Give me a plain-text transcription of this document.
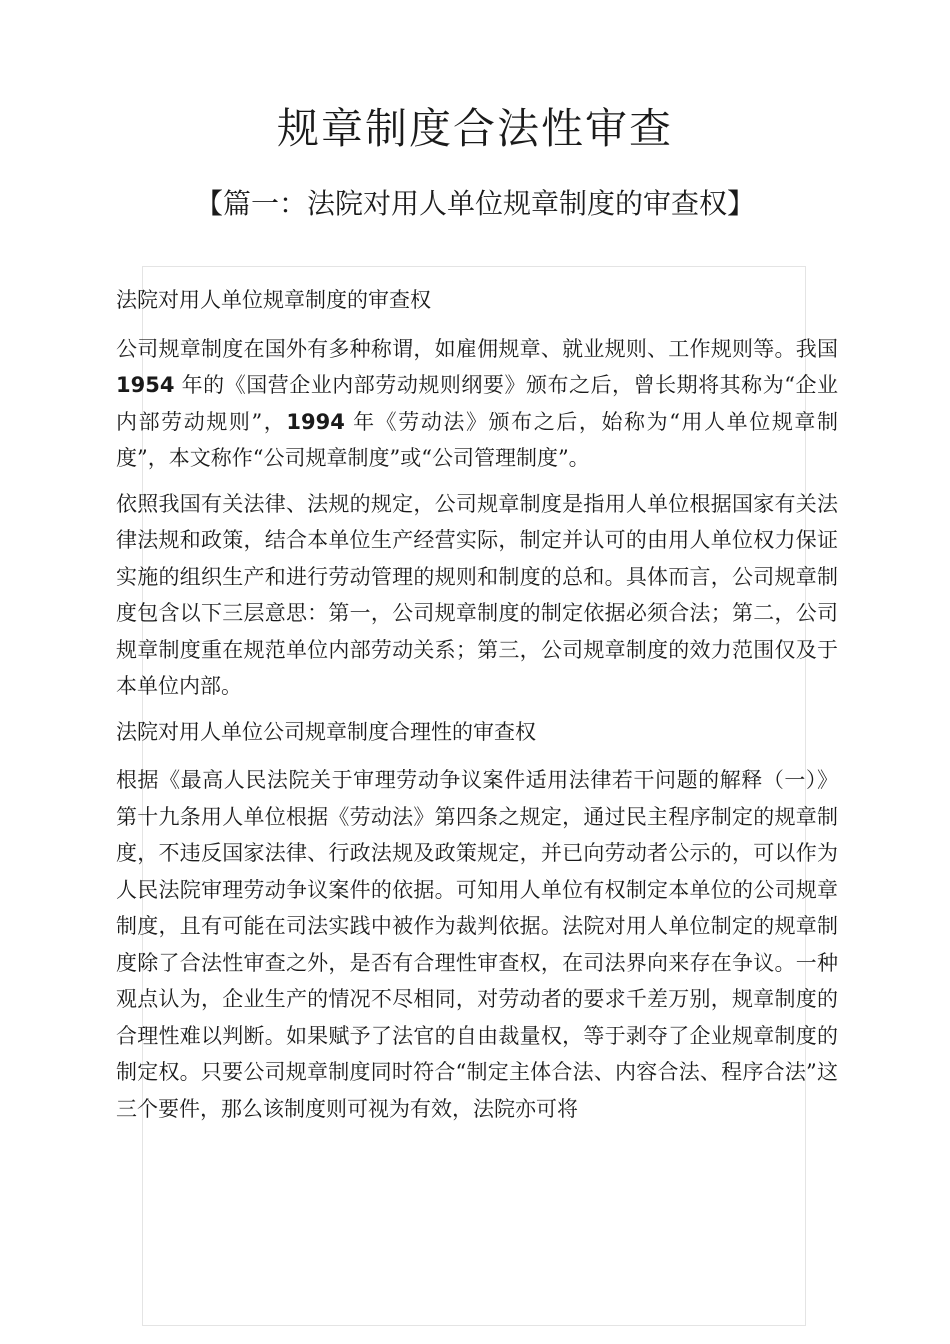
规章制度合法性审查
【篇一：法院对用人单位规章制度的审查权】

法院对用人单位规章制度的审查权

公司规章制度在国外有多种称谓，如雇佣规章、就业规则、工作规则等。我国 1954 年的《国营企业内部劳动规则纲要》颁布之后，曾长期将其称为“企业内部劳动规则”，1994 年《劳动法》颁布之后，始称为“用人单位规章制度”，本文称作“公司规章制度”或“公司管理制度”。

依照我国有关法律、法规的规定，公司规章制度是指用人单位根据国家有关法律法规和政策，结合本单位生产经营实际，制定并认可的由用人单位权力保证实施的组织生产和进行劳动管理的规则和制度的总和。具体而言，公司规章制度包含以下三层意思：第一，公司规章制度的制定依据必须合法；第二，公司规章制度重在规范单位内部劳动关系；第三，公司规章制度的效力范围仅及于本单位内部。

法院对用人单位公司规章制度合理性的审查权

根据《最高人民法院关于审理劳动争议案件适用法律若干问题的解释（一）》第十九条用人单位根据《劳动法》第四条之规定，通过民主程序制定的规章制度，不违反国家法律、行政法规及政策规定，并已向劳动者公示的，可以作为人民法院审理劳动争议案件的依据。可知用人单位有权制定本单位的公司规章制度，且有可能在司法实践中被作为裁判依据。法院对用人单位制定的规章制度除了合法性审查之外，是否有合理性审查权，在司法界向来存在争议。一种观点认为，企业生产的情况不尽相同，对劳动者的要求千差万别，规章制度的合理性难以判断。如果赋予了法官的自由裁量权，等于剥夺了企业规章制度的制定权。只要公司规章制度同时符合“制定主体合法、内容合法、程序合法”这三个要件，那么该制度则可视为有效，法院亦可将
